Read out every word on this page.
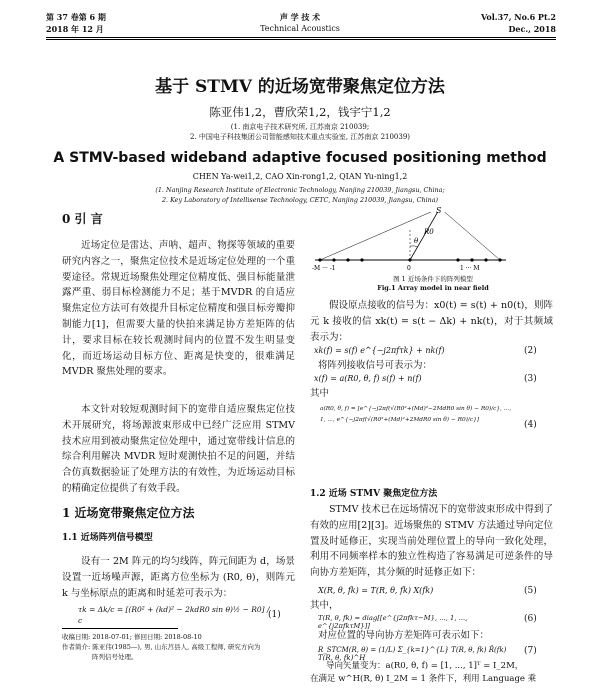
第 37 卷第 6 期	声 学 技 术	Vol.37, No.6 Pt.2
2018 年 12 月	Technical Acoustics	Dec., 2018
基于 STMV 的近场宽带聚焦定位方法
陈亚伟1,2，曹欣荣1,2，钱宇宁1,2
(1. 南京电子技术研究所, 江苏南京 210039;
2. 中国电子科技集团公司智能感知技术重点实验室, 江苏南京 210039)
A STMV-based wideband adaptive focused positioning method
CHEN Ya-wei1,2, CAO Xin-rong1,2, QIAN Yu-ning1,2
(1. Nanjing Research Institute of Electronic Technology, Nanjing 210039, Jiangsu, China;
2. Key Laboratory of Intellisense Technology, CETC, Nanjing 210039, Jiangsu, China)
0 引 言
近场定位是雷达、声呐、超声、物探等领域的重要研究内容之一，聚焦定位技术是近场定位处理的一个重要途径。常规近场聚焦处理定位精度低、强目标能量泄露严重、弱目标检测能力不足；基于MVDR 的自适应聚焦定位方法可有效提升目标定位精度和强目标旁瓣抑制能力[1]，但需要大量的快拍来满足协方差矩阵的估计，要求目标在较长观测时间内的位置不发生明显变化，而近场运动目标方位、距离是快变的，很难满足 MVDR 聚焦处理的要求。
本文针对较短观测时间下的宽带自适应聚焦定位技术开展研究，将场源波束形成中已经广泛应用 STMV 技术应用到被动聚焦定位处理中，通过宽带线计信息的综合利用解决 MVDR 短时观测快拍不足的问题，并结合仿真数据验证了处理方法的有效性，为近场运动目标的精确定位提供了有效手段。
1 近场宽带聚焦定位方法
1.1 近场阵列信号模型
设有一 2M 阵元的均匀线阵，阵元间距为 d，场景设置一近场噪声源，距离方位坐标为 (R0, θ)，则阵元 k 与坐标原点的距离和时延差可表示为：
τk = Δk/c = [(R0² + (kd)² − 2kdR0 sin θ)½ − R0] / c
(1)
收稿日期: 2018-07-01; 修回日期: 2018-08-10
作者简介: 陈亚伟(1985—), 男, 山东莒县人, 高级工程师, 研究方向为
阵列信号处理。
θ
R0
-M ··· -1	0	1 ··· M
S
图 1 近场条件下的阵列模型
Fig.1 Array model in near field
假设原点接收的信号为：x0(t) = s(t) + n0(t)，则阵元 k 接收的信 xk(t) = s(t − Δk) + nk(t)，对于其频域表示为：
xk(f) = s(f) e^{−j2πfτk} + nk(f)	(2)
将阵列接收信号可表示为：
x(f) = a(R0, θ, f) s(f) + n(f)	(3)
其中
a(R0, θ, f) = [e^{−j2πf(√(R0²+(Md)²−2MdR0 sin θ) − R0)/c}, ..., 1, ..., e^{−j2πf(√(R0²+(Md)²+2MdR0 sin θ) − R0)/c}]	(4)
1.2 近场 STMV 聚焦定位方法
STMV 技术已在远场情况下的宽带波束形成中得到了有效的应用[2][3]。近场聚焦的 STMV 方法通过导向定位置及时延修正，实现当前处理位置上的导向一致化处理，利用不同频率样本的独立性构造了容易满足可逆条件的导向协方差矩阵，其分频的时延修正如下：
X(R, θ, fk) = T(R, θ, fk) X(fk)	(5)
其中，
T(R, θ, fk) = diag[[e^{j2πfkτ−M}, ..., 1, ..., e^{j2πfkτM}]]
(6)
对应位置的导向协方差矩阵可表示如下：
R_STCM(R, θ) = (1/L) Σ_{k=1}^{L} T(R, θ, fk) R̂(fk) T(R, θ, fk)^H
(7)
导向矢量变为：a(R0, θ, f) = [1, ..., 1]ᵀ = I_2M，
在满足 w^H(R, θ) I_2M = 1 条件下，利用 Language 乘
